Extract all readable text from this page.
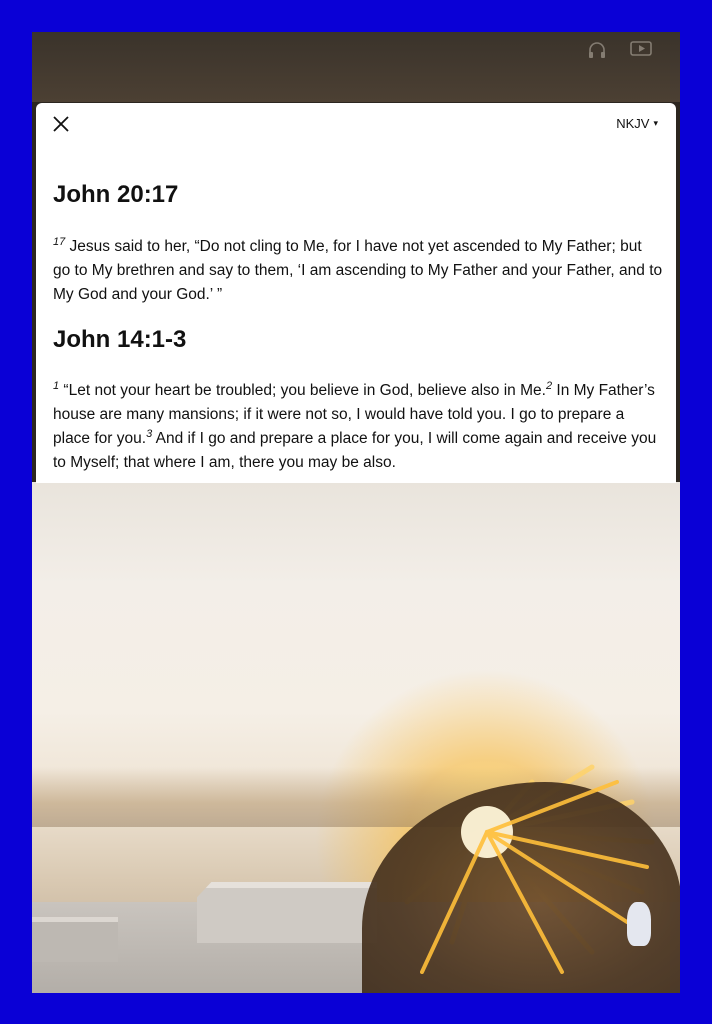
NKJV ▾
John 20:17

$^{17}$ Jesus said to her, “Do not cling to Me, for I have not yet ascended to My Father; but go to My brethren and say to them, ‘I am ascending to My Father and your Father, and to My God and your God.’ ”

John 14:1-3

$^1$ “Let not your heart be troubled; you believe in God, believe also in Me.$^2$ In My Father’s house are many mansions; if it were not so, I would have told you. I go to prepare a place for you.$^3$ And if I go and prepare a place for you, I will come again and receive you to Myself; that where I am, there you may be also.
